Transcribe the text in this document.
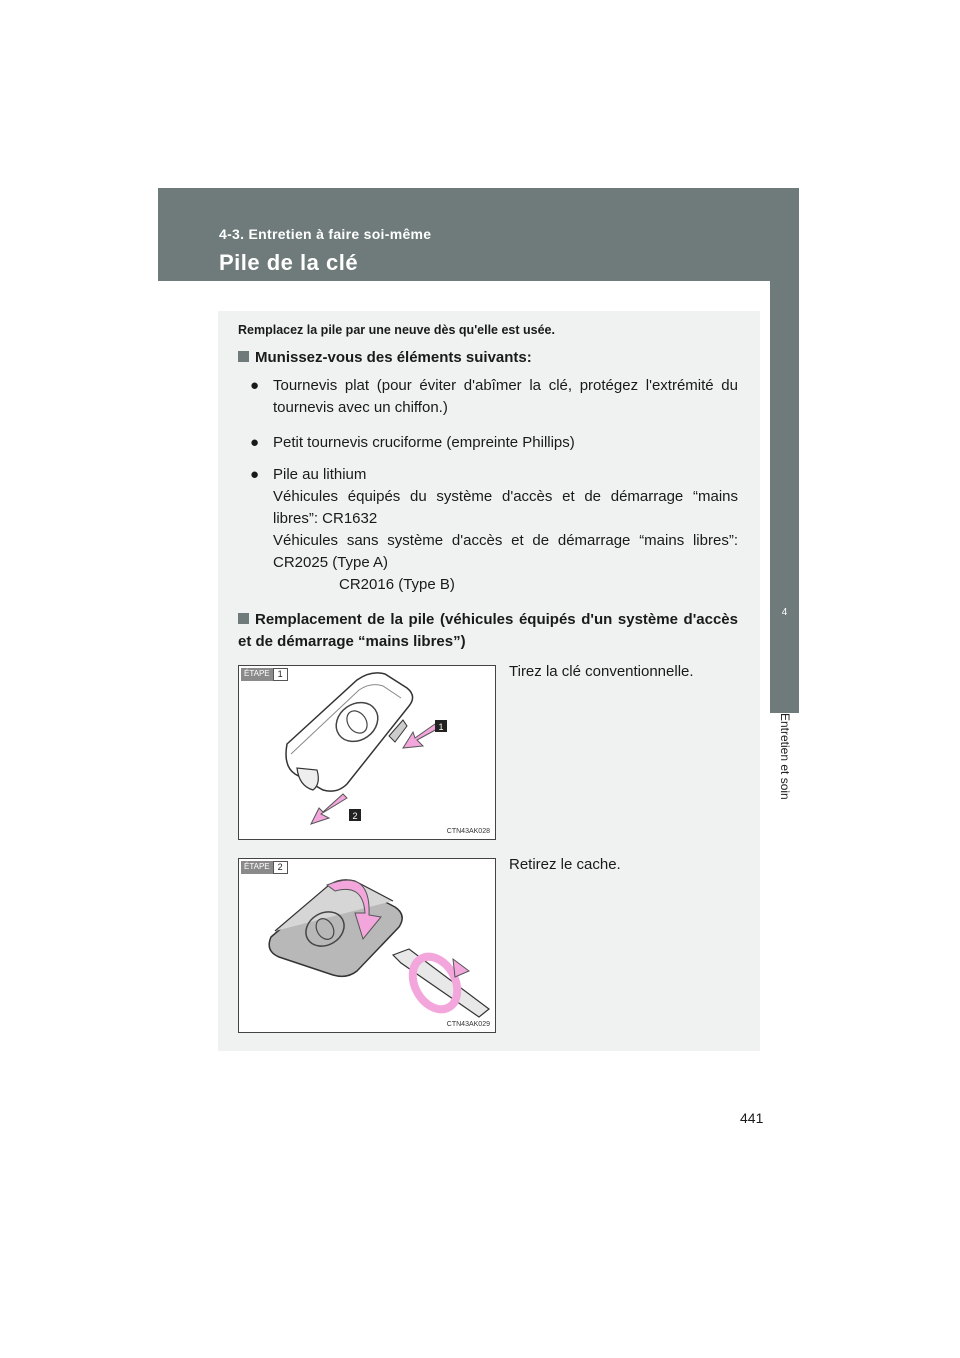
4-3. Entretien à faire soi-même
Pile de la clé
4
Entretien et soin
Remplacez la pile par une neuve dès qu'elle est usée.
Munissez-vous des éléments suivants:
● Tournevis plat (pour éviter d'abîmer la clé, protégez l'extrémité du tournevis avec un chiffon.)
● Petit tournevis cruciforme (empreinte Phillips)
● Pile au lithium
Véhicules équipés du système d'accès et de démarrage “mains libres”: CR1632
Véhicules sans système d'accès et de démarrage “mains libres”: CR2025 (Type A)
CR2016 (Type B)
Remplacement de la pile (véhicules équipés d'un système d'accès et de démarrage “mains libres”)
ÉTAPE 1
1
2
CTN43AK028
Tirez la clé conventionnelle.
ÉTAPE 2
CTN43AK029
Retirez le cache.
441
